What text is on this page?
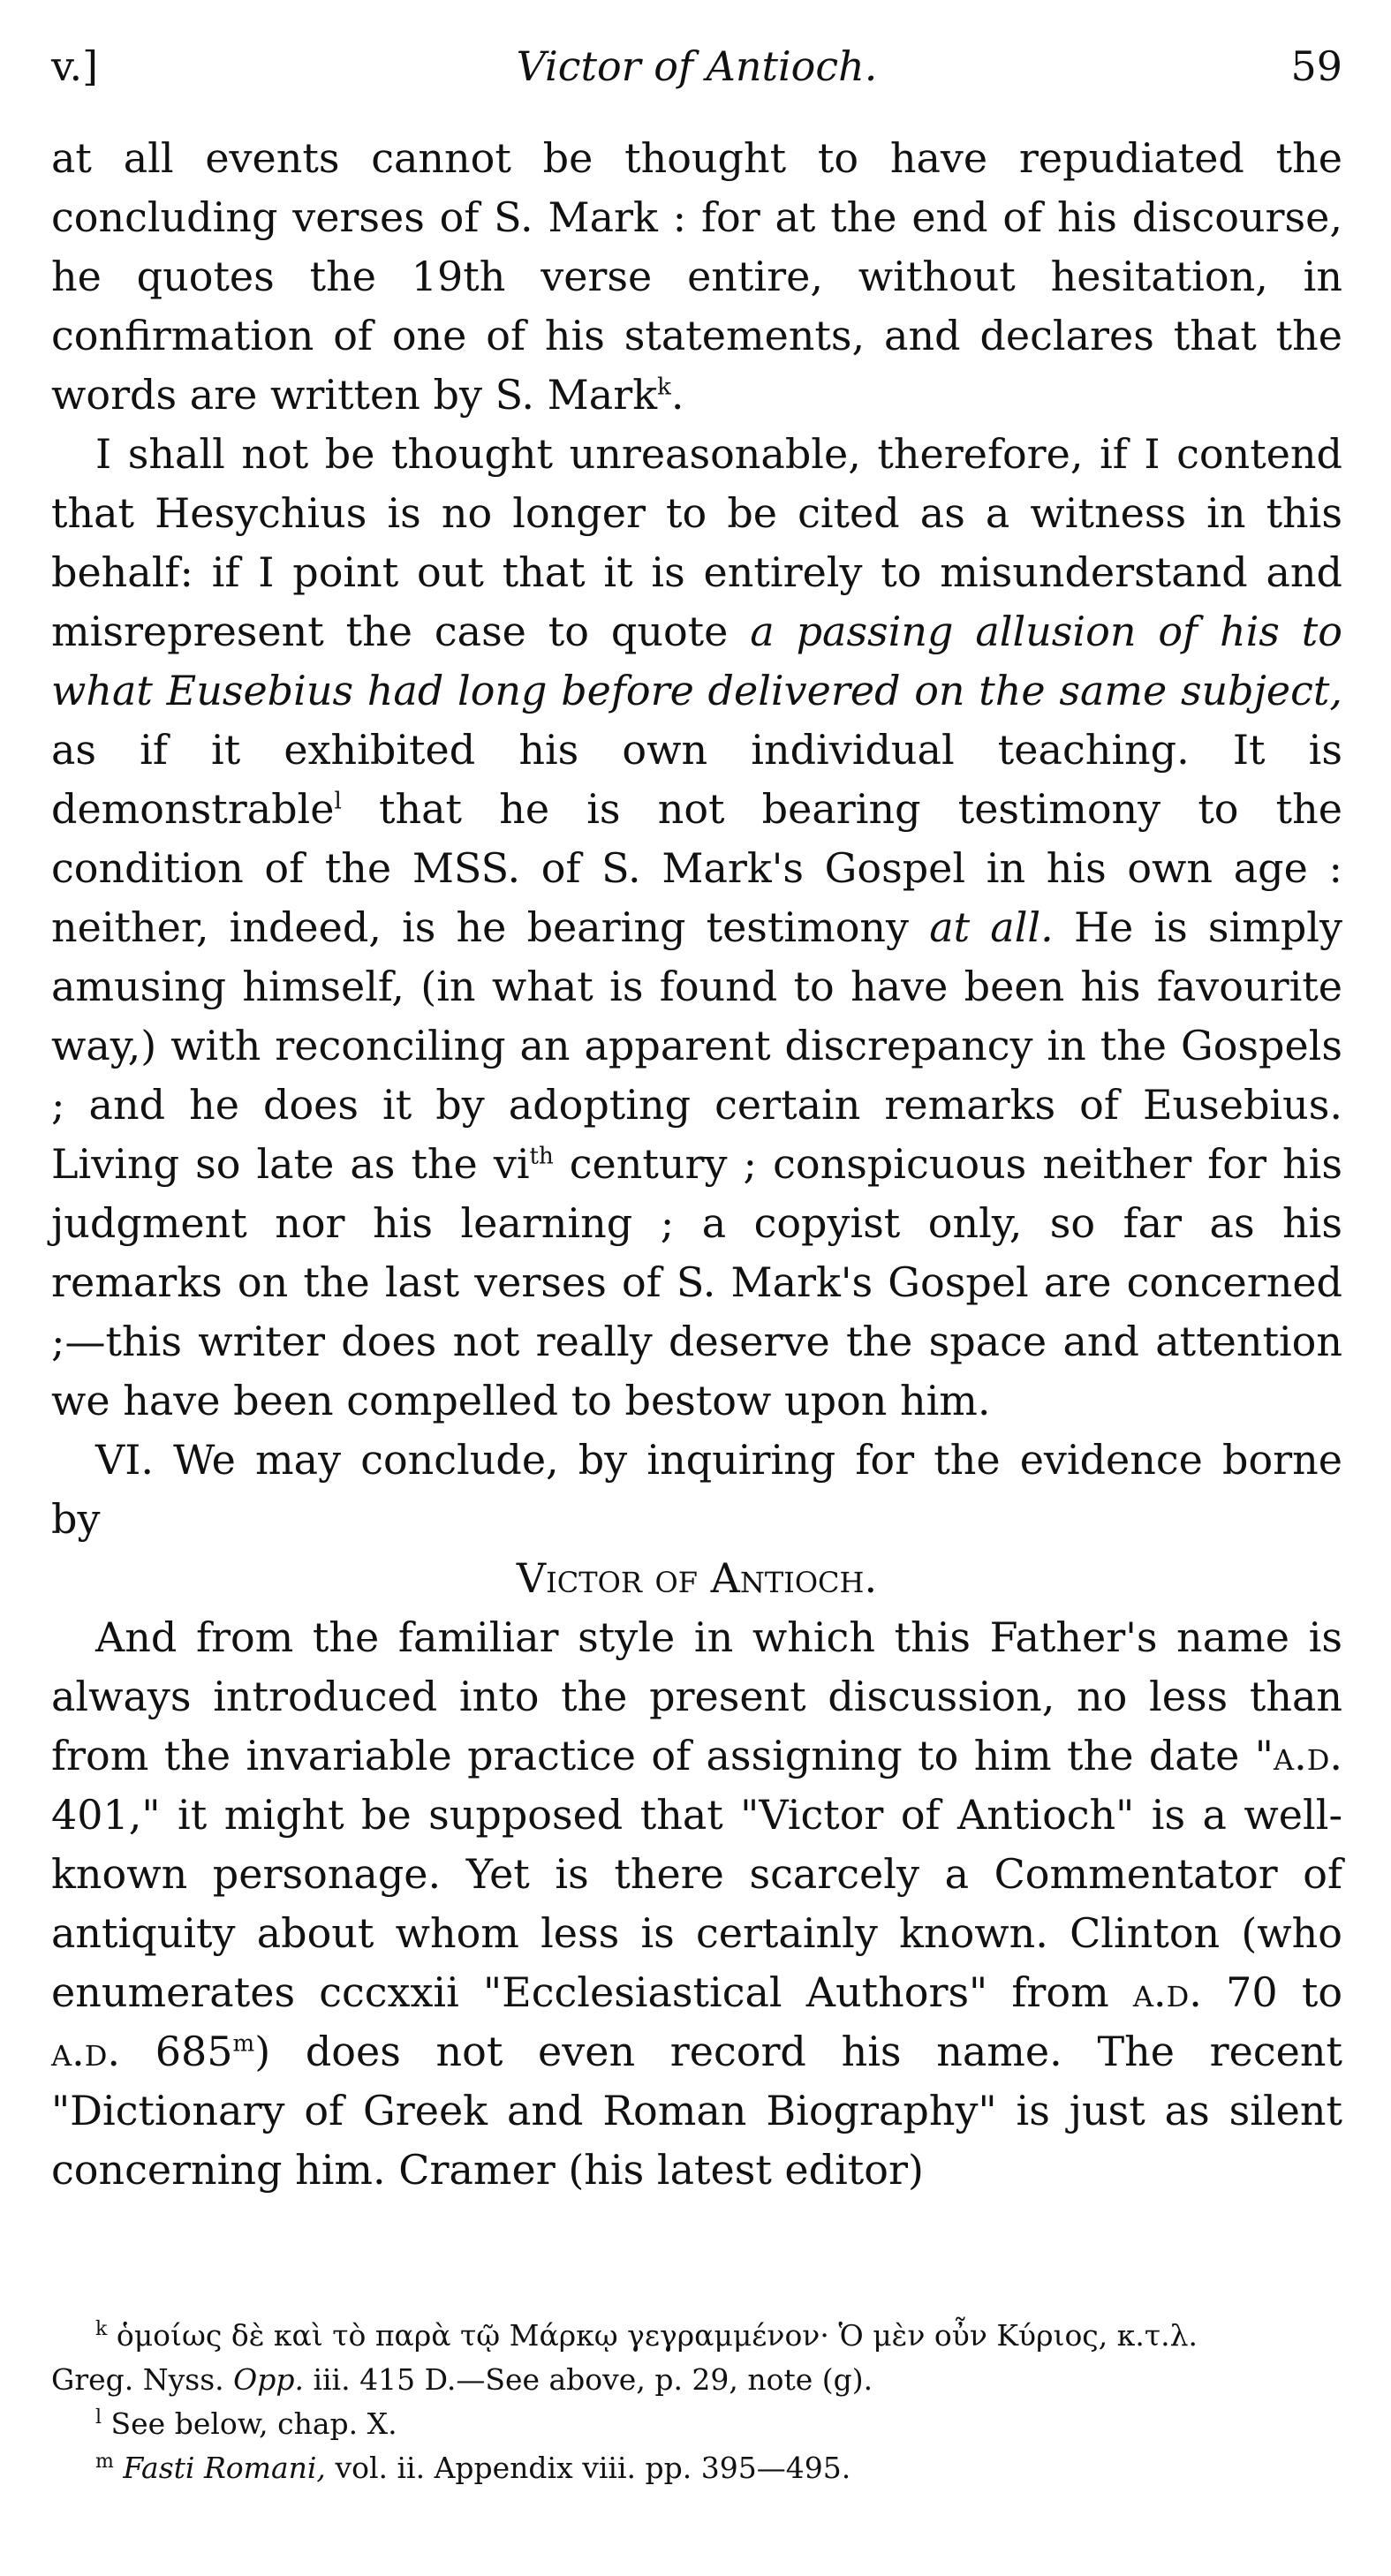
v.]	Victor of Antioch.	59

at all events cannot be thought to have repudiated the concluding verses of S. Mark : for at the end of his discourse, he quotes the 19th verse entire, without hesitation, in confirmation of one of his statements, and declares that the words are written by S. Mark$^k$.

I shall not be thought unreasonable, therefore, if I contend that Hesychius is no longer to be cited as a witness in this behalf: if I point out that it is entirely to misunderstand and misrepresent the case to quote a passing allusion of his to what Eusebius had long before delivered on the same subject, as if it exhibited his own individual teaching. It is demonstrable$^l$ that he is not bearing testimony to the condition of the MSS. of S. Mark's Gospel in his own age : neither, indeed, is he bearing testimony at all. He is simply amusing himself, (in what is found to have been his favourite way,) with reconciling an apparent discrepancy in the Gospels ; and he does it by adopting certain remarks of Eusebius. Living so late as the $vi^{th}$ century ; conspicuous neither for his judgment nor his learning ; a copyist only, so far as his remarks on the last verses of S. Mark's Gospel are concerned ;—this writer does not really deserve the space and attention we have been compelled to bestow upon him.

VI. We may conclude, by inquiring for the evidence borne by

Victor of Antioch.

And from the familiar style in which this Father's name is always introduced into the present discussion, no less than from the invariable practice of assigning to him the date "a.d. 401," it might be supposed that "Victor of Antioch" is a well-known personage. Yet is there scarcely a Commentator of antiquity about whom less is certainly known. Clinton (who enumerates cccxxii "Ecclesiastical Authors" from a.d. 70 to a.d. 685$^m$) does not even record his name. The recent "Dictionary of Greek and Roman Biography" is just as silent concerning him. Cramer (his latest editor)

$^k$ ὁμοίως δὲ καὶ τὸ παρὰ τῷ Μάρκῳ γεγραμμένον· Ὁ μὲν οὖν Κύριος, κ.τ.λ.

Greg. Nyss. Opp. iii. 415 D.—See above, p. 29, note (g).

$^l$ See below, chap. X.

$^m$ Fasti Romani, vol. ii. Appendix viii. pp. 395—495.
